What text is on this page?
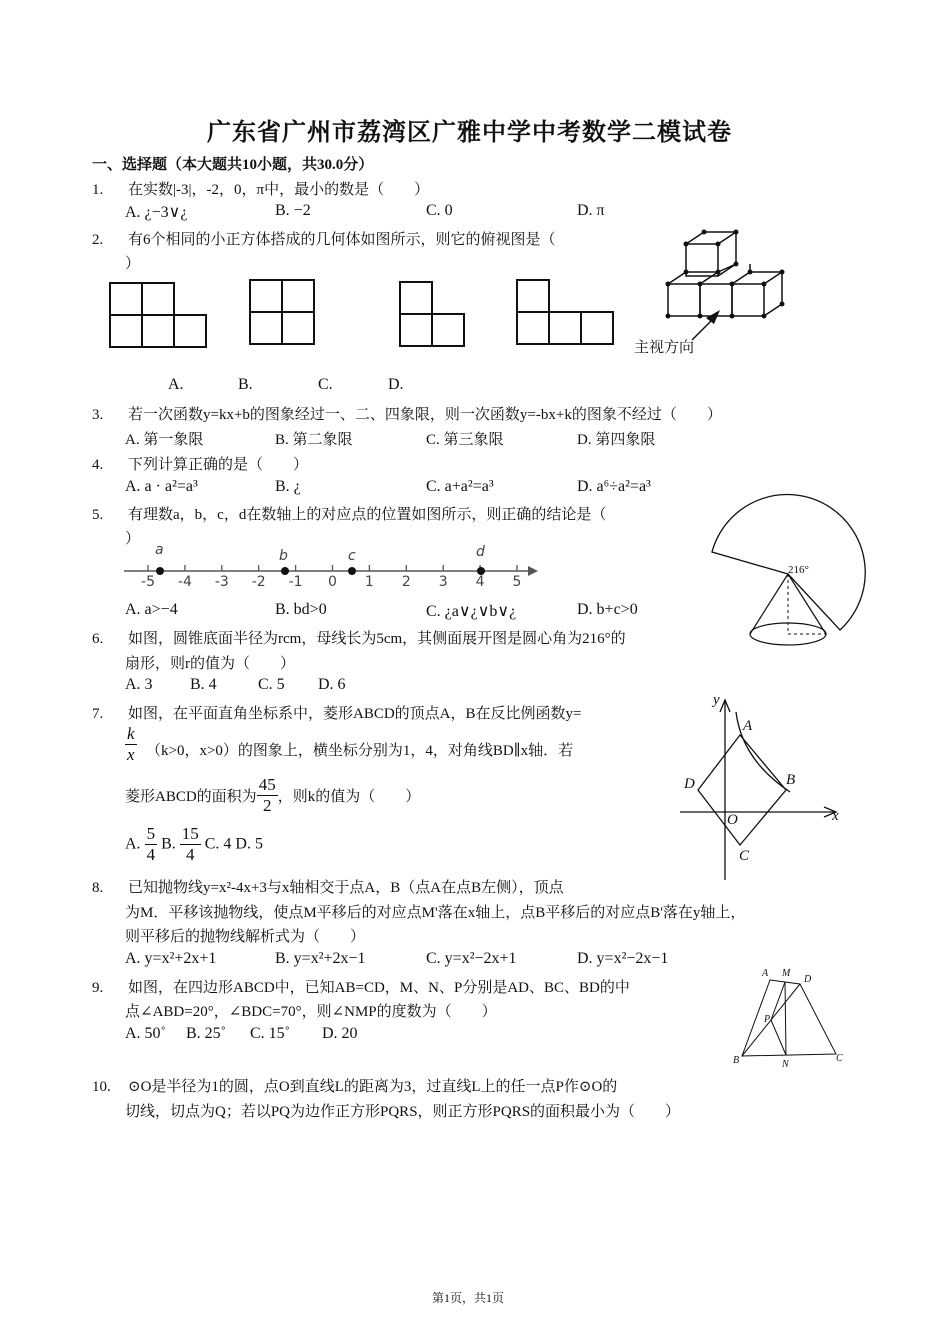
广东省广州市荔湾区广雅中学中考数学二模试卷
一、选择题（本大题共10小题，共30.0分）
1. 在实数|-3|，-2，0，π中，最小的数是（　　）
A. ¿−3∨¿	B. −2	C. 0	D. π
2. 有6个相同的小正方体搭成的几何体如图所示，则它的俯视图是（
）
主视方向
A.	B.	C.	D.
3. 若一次函数y=kx+b的图象经过一、二、四象限，则一次函数y=-bx+k的图象不经过（　　）
A. 第一象限	B. 第二象限	C. 第三象限	D. 第四象限
4. 下列计算正确的是（　　）
A. a · a²=a³	B. ¿	C. a+a²=a³	D. a⁶÷a²=a³
5. 有理数a，b，c，d在数轴上的对应点的位置如图所示，则正确的结论是（
）
a	b	c	d
-5 -4 -3 -2 -1	0	1	2	3	4	5
A. a>−4	B. bd>0	C. ¿a∨¿∨b∨¿	D. b+c>0
216°
6. 如图，圆锥底面半径为rcm，母线长为5cm，其侧面展开图是圆心角为216°的
扇形，则r的值为（　　）
A. 3 B. 4	C. 5 D. 6
7. 如图，在平面直角坐标系中，菱形ABCD的顶点A，B在反比例函数y=
$\frac{k}{x} (k>0$，x>0）的图象上，横坐标分别为1，4，对角线BD∥x轴．若
菱形ABCD的面积为 $\frac{45}{2}$ ，则k的值为（　　）
A. $\frac{5}{4} B$. $\frac{15}{4} C$. 4 D. 5
y
A
B
D
O	x
C
8. 已知抛物线y=x²-4x+3与x轴相交于点A，B（点A在点B左侧），顶点
为M．平移该抛物线，使点M平移后的对应点M'落在x轴上，点B平移后的对应点B'落在y轴上，
则平移后的抛物线解析式为（　　）
A. y=x²+2x+1	B. y=x²+2x−1	C. y=x²−2x+1	D. y=x²−2x−1
9. 如图，在四边形ABCD中，已知AB=CD，M、N、P分别是AD、BC、BD的中
点∠ABD=20°，∠BDC=70°，则∠NMP的度数为（　　）
A. 50˚ B. 25˚ C. 15˚ D. 20
A M
D
P
B	N
C
10. ⊙O是半径为1的圆，点O到直线L的距离为3，过直线L上的任一点P作⊙O的
切线，切点为Q；若以PQ为边作正方形PQRS，则正方形PQRS的面积最小为（　　）
第1页，共1页
